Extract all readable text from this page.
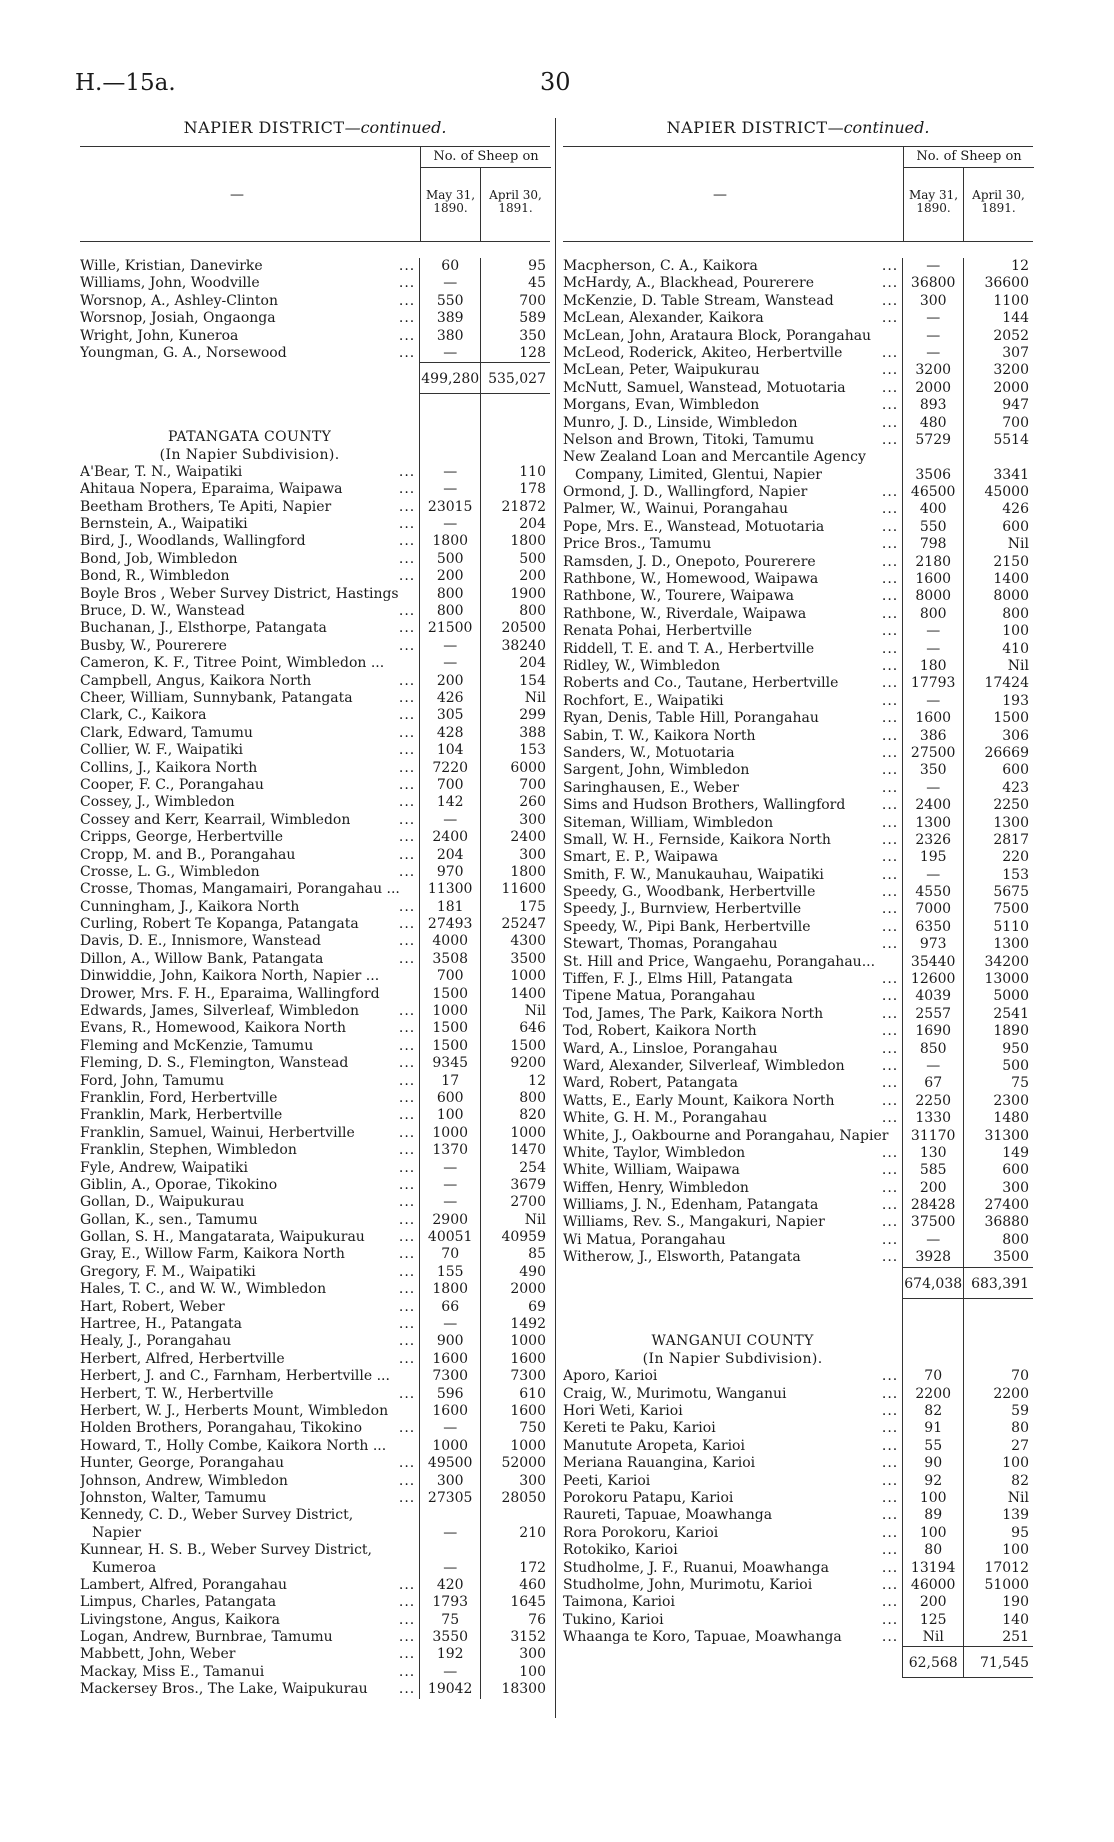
H.—15a.	30
NAPIER DISTRICT—continued.
—
No. of Sheep on
May 31, 1890.
April 30, 1891.
Wille, Kristian, Danevirke	...	60	95
Williams, John, Woodville	...	—	45
Worsnop, A., Ashley-Clinton	...	550	700
Worsnop, Josiah, Ongaonga	...	389	589
Wright, John, Kuneroa	...	380	350
Youngman, G. A., Norsewood	...	—	128
499,280 535,027
PATANGATA COUNTY
(In Napier Subdivision).
A'Bear, T. N., Waipatiki	...	—	110
Ahitaua Nopera, Eparaima, Waipawa	...	—	178
Beetham Brothers, Te Apiti, Napier	... 23015	21872
Bernstein, A., Waipatiki	...	—	204
Bird, J., Woodlands, Wallingford	...	1800	1800
Bond, Job, Wimbledon	...	500	500
Bond, R., Wimbledon	...	200	200
Boyle Bros , Weber Survey District, Hastings	800	1900
Bruce, D. W., Wanstead	...	800	800
Buchanan, J., Elsthorpe, Patangata	... 21500	20500
Busby, W., Pourerere	...	—	38240
Cameron, K. F., Titree Point, Wimbledon ...	—	204
Campbell, Angus, Kaikora North	...	200	154
Cheer, William, Sunnybank, Patangata	...	426	Nil
Clark, C., Kaikora	...	305	299
Clark, Edward, Tamumu	...	428	388
Collier, W. F., Waipatiki	...	104	153
Collins, J., Kaikora North	...	7220	6000
Cooper, F. C., Porangahau	...	700	700
Cossey, J., Wimbledon	...	142	260
Cossey and Kerr, Kearrail, Wimbledon	...	—	300
Cripps, George, Herbertville	...	2400	2400
Cropp, M. and B., Porangahau	...	204	300
Crosse, L. G., Wimbledon	...	970	1800
Crosse, Thomas, Mangamairi, Porangahau ...	11300	11600
Cunningham, J., Kaikora North	...	181	175
Curling, Robert Te Kopanga, Patangata	... 27493	25247
Davis, D. E., Innismore, Wanstead	...	4000	4300
Dillon, A., Willow Bank, Patangata	...	3508	3500
Dinwiddie, John, Kaikora North, Napier ...	700	1000
Drower, Mrs. F. H., Eparaima, Wallingford	1500	1400
Edwards, James, Silverleaf, Wimbledon	...	1000	Nil
Evans, R., Homewood, Kaikora North	...	1500	646
Fleming and McKenzie, Tamumu	...	1500	1500
Fleming, D. S., Flemington, Wanstead	...	9345	9200
Ford, John, Tamumu	...	17	12
Franklin, Ford, Herbertville	...	600	800
Franklin, Mark, Herbertville	...	100	820
Franklin, Samuel, Wainui, Herbertville	...	1000	1000
Franklin, Stephen, Wimbledon	...	1370	1470
Fyle, Andrew, Waipatiki	...	—	254
Giblin, A., Oporae, Tikokino	...	—	3679
Gollan, D., Waipukurau	...	—	2700
Gollan, K., sen., Tamumu	...	2900	Nil
Gollan, S. H., Mangatarata, Waipukurau ... 40051	40959
Gray, E., Willow Farm, Kaikora North	...	70	85
Gregory, F. M., Waipatiki	...	155	490
Hales, T. C., and W. W., Wimbledon	...	1800	2000
Hart, Robert, Weber	...	66	69
Hartree, H., Patangata	...	—	1492
Healy, J., Porangahau	...	900	1000
Herbert, Alfred, Herbertville	...	1600	1600
Herbert, J. and C., Farnham, Herbertville ...	7300	7300
Herbert, T. W., Herbertville	...	596	610
Herbert, W. J., Herberts Mount, Wimbledon	1600	1600
Holden Brothers, Porangahau, Tikokino	...	—	750
Howard, T., Holly Combe, Kaikora North ...	1000	1000
Hunter, George, Porangahau	... 49500	52000
Johnson, Andrew, Wimbledon	...	300	300
Johnston, Walter, Tamumu	... 27305	28050
Kennedy, C. D., Weber Survey District,
Napier	—	210
Kunnear, H. S. B., Weber Survey District,
Kumeroa	—	172
Lambert, Alfred, Porangahau	...	420	460
Limpus, Charles, Patangata	...	1793	1645
Livingstone, Angus, Kaikora	...	75	76
Logan, Andrew, Burnbrae, Tamumu	...	3550	3152
Mabbett, John, Weber	...	192	300
Mackay, Miss E., Tamanui	...	—	100
Mackersey Bros., The Lake, Waipukurau ... 19042	18300
NAPIER DISTRICT—continued.
—
No. of Sheep on
May 31, 1890.
April 30, 1891.
Macpherson, C. A., Kaikora	...	—	12
McHardy, A., Blackhead, Pourerere	... 36800	36600
McKenzie, D. Table Stream, Wanstead	...	300	1100
McLean, Alexander, Kaikora	...	—	144
McLean, John, Arataura Block, Porangahau	—	2052
McLeod, Roderick, Akiteo, Herbertville	...	—	307
McLean, Peter, Waipukurau	...	3200	3200
McNutt, Samuel, Wanstead, Motuotaria	...	2000	2000
Morgans, Evan, Wimbledon	...	893	947
Munro, J. D., Linside, Wimbledon	...	480	700
Nelson and Brown, Titoki, Tamumu	...	5729	5514
New Zealand Loan and Mercantile Agency
Company, Limited, Glentui, Napier	3506	3341
Ormond, J. D., Wallingford, Napier	... 46500	45000
Palmer, W., Wainui, Porangahau	...	400	426
Pope, Mrs. E., Wanstead, Motuotaria	...	550	600
Price Bros., Tamumu	...	798	Nil
Ramsden, J. D., Onepoto, Pourerere	...	2180	2150
Rathbone, W., Homewood, Waipawa	...	1600	1400
Rathbone, W., Tourere, Waipawa	...	8000	8000
Rathbone, W., Riverdale, Waipawa	...	800	800
Renata Pohai, Herbertville	...	—	100
Riddell, T. E. and T. A., Herbertville	...	—	410
Ridley, W., Wimbledon	...	180	Nil
Roberts and Co., Tautane, Herbertville	... 17793	17424
Rochfort, E., Waipatiki	...	—	193
Ryan, Denis, Table Hill, Porangahau	...	1600	1500
Sabin, T. W., Kaikora North	...	386	306
Sanders, W., Motuotaria	... 27500	26669
Sargent, John, Wimbledon	...	350	600
Saringhausen, E., Weber	...	—	423
Sims and Hudson Brothers, Wallingford	...	2400	2250
Siteman, William, Wimbledon	...	1300	1300
Small, W. H., Fernside, Kaikora North	...	2326	2817
Smart, E. P., Waipawa	...	195	220
Smith, F. W., Manukauhau, Waipatiki	...	—	153
Speedy, G., Woodbank, Herbertville	...	4550	5675
Speedy, J., Burnview, Herbertville	...	7000	7500
Speedy, W., Pipi Bank, Herbertville	...	6350	5110
Stewart, Thomas, Porangahau	...	973	1300
St. Hill and Price, Wangaehu, Porangahau...	35440	34200
Tiffen, F. J., Elms Hill, Patangata	... 12600	13000
Tipene Matua, Porangahau	...	4039	5000
Tod, James, The Park, Kaikora North	...	2557	2541
Tod, Robert, Kaikora North	...	1690	1890
Ward, A., Linsloe, Porangahau	...	850	950
Ward, Alexander, Silverleaf, Wimbledon	...	—	500
Ward, Robert, Patangata	...	67	75
Watts, E., Early Mount, Kaikora North	...	2250	2300
White, G. H. M., Porangahau	...	1330	1480
White, J., Oakbourne and Porangahau, Napier	31170	31300
White, Taylor, Wimbledon	...	130	149
White, William, Waipawa	...	585	600
Wiffen, Henry, Wimbledon	...	200	300
Williams, J. N., Edenham, Patangata	... 28428	27400
Williams, Rev. S., Mangakuri, Napier	... 37500	36880
Wi Matua, Porangahau	...	—	800
Witherow, J., Elsworth, Patangata	...	3928	3500
674,038 683,391
WANGANUI COUNTY
(In Napier Subdivision).
Aporo, Karioi	...	70	70
Craig, W., Murimotu, Wanganui	...	2200	2200
Hori Weti, Karioi	...	82	59
Kereti te Paku, Karioi	...	91	80
Manutute Aropeta, Karioi	...	55	27
Meriana Rauangina, Karioi	...	90	100
Peeti, Karioi	...	92	82
Porokoru Patapu, Karioi	...	100	Nil
Raureti, Tapuae, Moawhanga	...	89	139
Rora Porokoru, Karioi	...	100	95
Rotokiko, Karioi	...	80	100
Studholme, J. F., Ruanui, Moawhanga	... 13194	17012
Studholme, John, Murimotu, Karioi	... 46000	51000
Taimona, Karioi	...	200	190
Tukino, Karioi	...	125	140
Whaanga te Koro, Tapuae, Moawhanga	...	Nil	251
62,568	71,545
